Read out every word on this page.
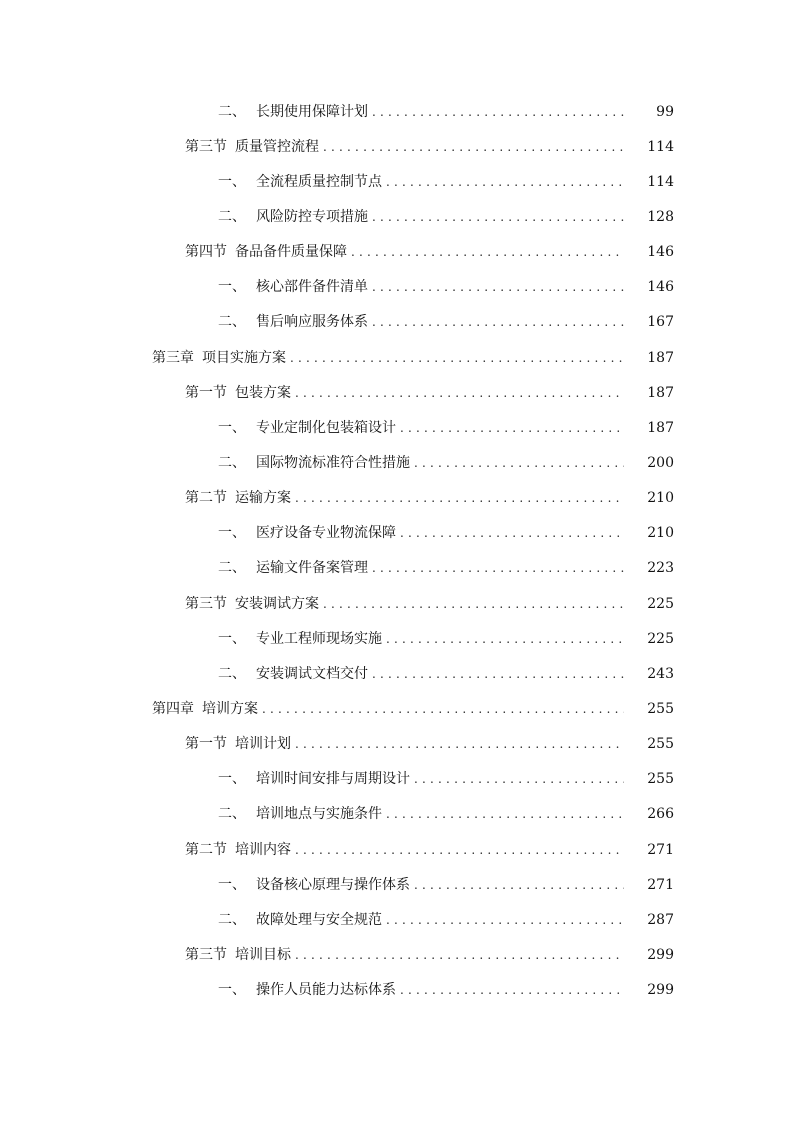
二、 长期使用保障计划 .....	99
第三节 质量管控流程 .....	114
一、 全流程质量控制节点 .....	114
二、 风险防控专项措施 .....	128
第四节 备品备件质量保障 .....	146
一、 核心部件备件清单 .....	146
二、 售后响应服务体系 .....	167
第三章 项目实施方案 .....	187
第一节 包装方案 .....	187
一、 专业定制化包装箱设计 .....	187
二、 国际物流标准符合性措施 .....	200
第二节 运输方案 .....	210
一、 医疗设备专业物流保障 .....	210
二、 运输文件备案管理 .....	223
第三节 安装调试方案 .....	225
一、 专业工程师现场实施 .....	225
二、 安装调试文档交付 .....	243
第四章 培训方案 .....	255
第一节 培训计划 .....	255
一、 培训时间安排与周期设计 .....	255
二、 培训地点与实施条件 .....	266
第二节 培训内容 .....	271
一、 设备核心原理与操作体系 .....	271
二、 故障处理与安全规范 .....	287
第三节 培训目标 .....	299
一、 操作人员能力达标体系 .....	299
